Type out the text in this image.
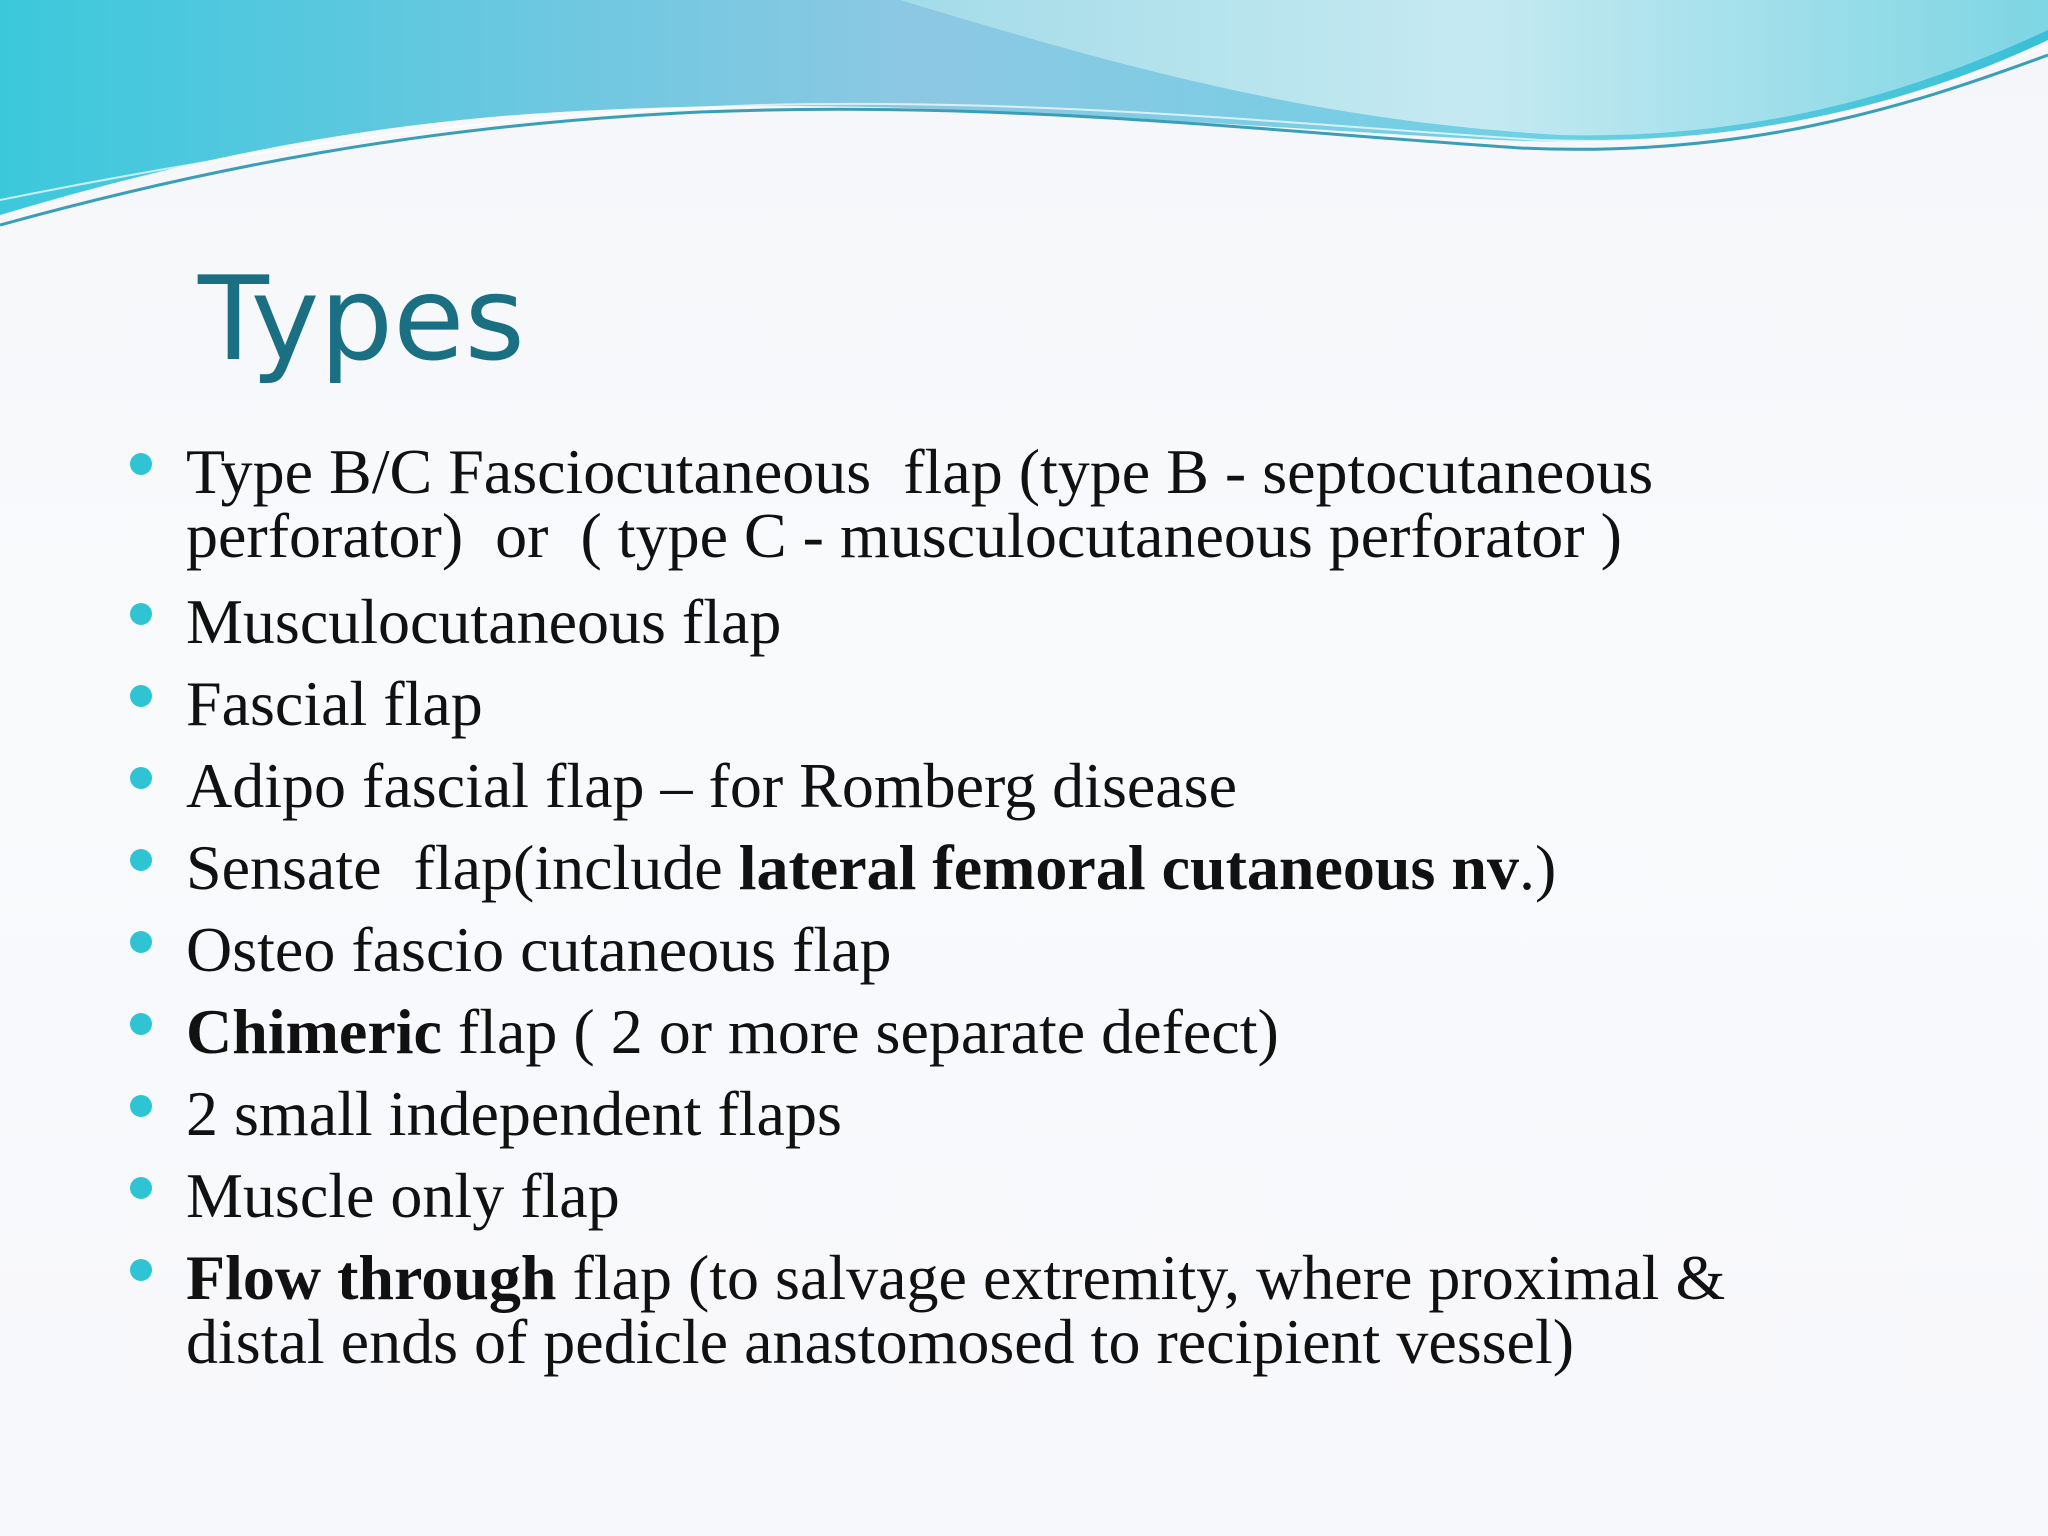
Types
Type B/C Fasciocutaneous  flap (type B - septocutaneous
perforator)  or  ( type C - musculocutaneous perforator )
Musculocutaneous flap
Fascial flap
Adipo fascial flap – for Romberg disease
Sensate  flap(include lateral femoral cutaneous nv.)
Osteo fascio cutaneous flap
Chimeric flap ( 2 or more separate defect)
2 small independent flaps
Muscle only flap
Flow through flap (to salvage extremity, where proximal &
distal ends of pedicle anastomosed to recipient vessel)
